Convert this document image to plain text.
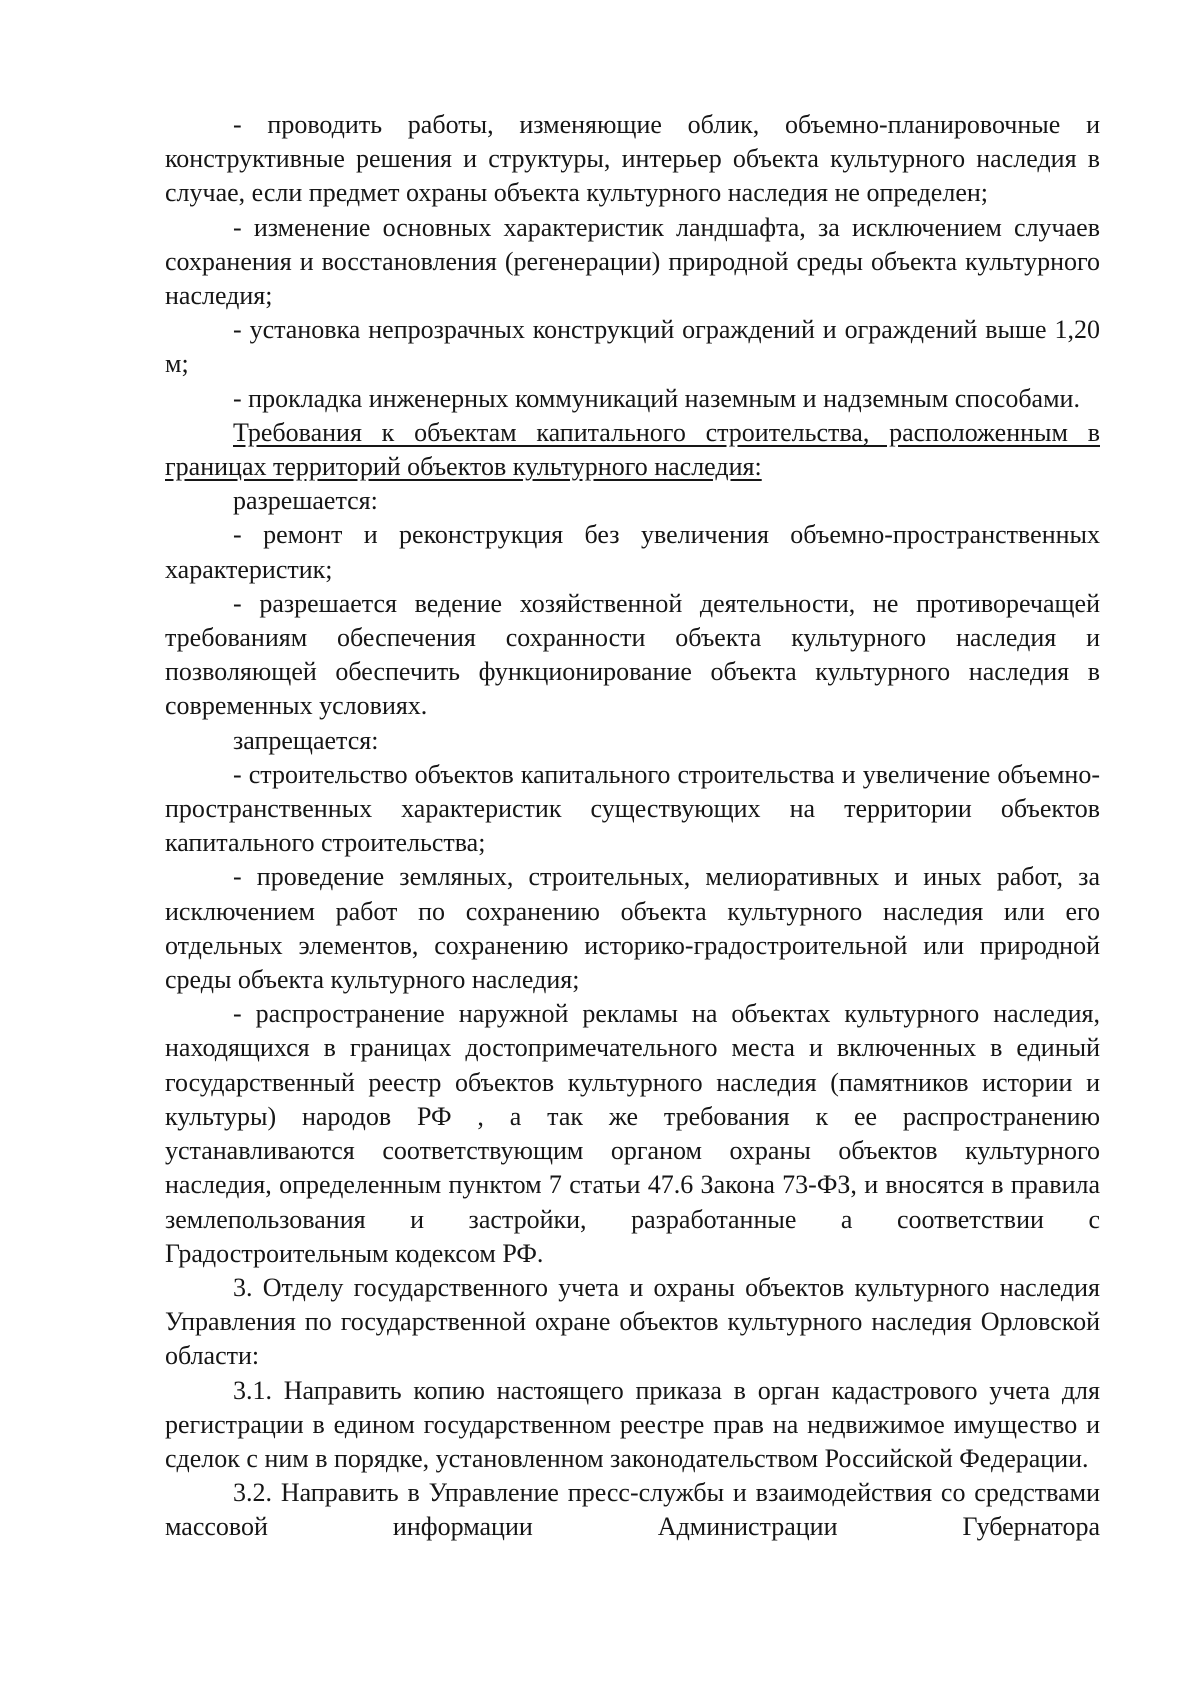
- проводить работы, изменяющие облик, объемно-планировочные и конструктивные решения и структуры, интерьер объекта культурного наследия в случае, если предмет охраны объекта культурного наследия не определен;

- изменение основных характеристик ландшафта, за исключением случаев сохранения и восстановления (регенерации) природной среды объекта культурного наследия;

- установка непрозрачных конструкций ограждений и ограждений выше 1,20 м;

- прокладка инженерных коммуникаций наземным и надземным способами.

Требования к объектам капитального строительства, расположенным в границах территорий объектов культурного наследия:

разрешается:

- ремонт и реконструкция без увеличения объемно-пространственных характеристик;

- разрешается ведение хозяйственной деятельности, не противоречащей требованиям обеспечения сохранности объекта культурного наследия и позволяющей обеспечить функционирование объекта культурного наследия в современных условиях.

запрещается:

- строительство объектов капитального строительства и увеличение объемно-пространственных характеристик существующих на территории объектов капитального строительства;

- проведение земляных, строительных, мелиоративных и иных работ, за исключением работ по сохранению объекта культурного наследия или его отдельных элементов, сохранению историко-градостроительной или природной среды объекта культурного наследия;

- распространение наружной рекламы на объектах культурного наследия, находящихся в границах достопримечательного места и включенных в единый государственный реестр объектов культурного наследия (памятников истории и культуры) народов РФ , а так же требования к ее распространению устанавливаются соответствующим органом охраны объектов культурного наследия, определенным пунктом 7 статьи 47.6 Закона 73-ФЗ, и вносятся в правила землепользования и застройки, разработанные а соответствии с Градостроительным кодексом РФ.

3. Отделу государственного учета и охраны объектов культурного наследия Управления по государственной охране объектов культурного наследия Орловской области:

3.1. Направить копию настоящего приказа в орган кадастрового учета для регистрации в едином государственном реестре прав на недвижимое имущество и сделок с ним в порядке, установленном законодательством Российской Федерации.

3.2. Направить в Управление пресс-службы и взаимодействия со средствами массовой информации Администрации Губернатора
